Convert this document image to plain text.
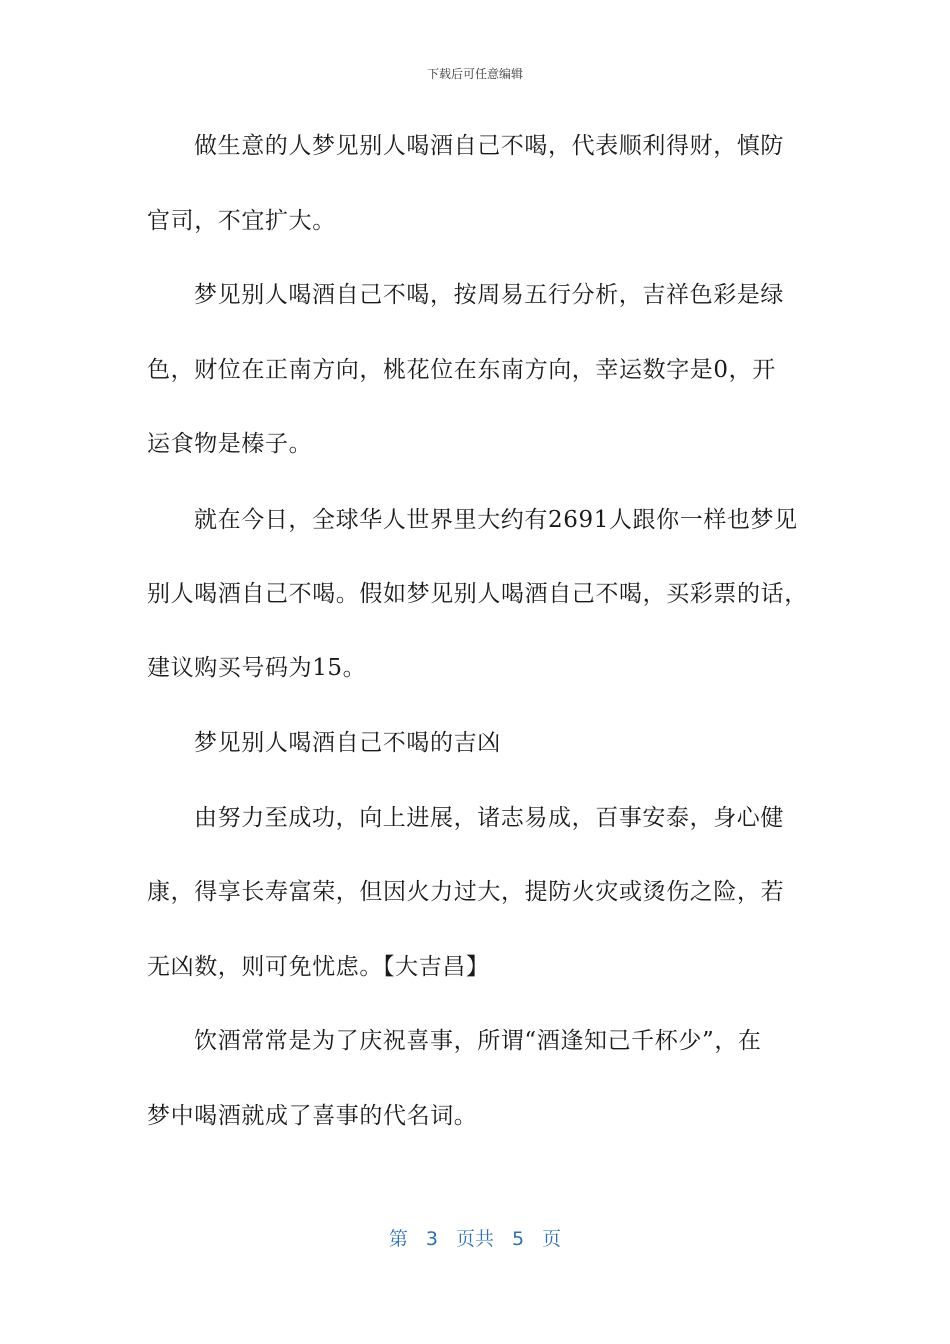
下载后可任意编辑
做生意的人梦见别人喝酒自己不喝，代表顺利得财，慎防
官司，不宜扩大。
梦见别人喝酒自己不喝，按周易五行分析，吉祥色彩是绿
色，财位在正南方向，桃花位在东南方向，幸运数字是0，开
运食物是榛子。
就在今日，全球华人世界里大约有2691人跟你一样也梦见
别人喝酒自己不喝。假如梦见别人喝酒自己不喝，买彩票的话，
建议购买号码为15。
梦见别人喝酒自己不喝的吉凶
由努力至成功，向上进展，诸志易成，百事安泰，身心健
康，得享长寿富荣，但因火力过大，提防火灾或烫伤之险，若
无凶数，则可免忧虑。【大吉昌】
饮酒常常是为了庆祝喜事，所谓“酒逢知己千杯少”，在
梦中喝酒就成了喜事的代名词。
第 3 页共 5 页
